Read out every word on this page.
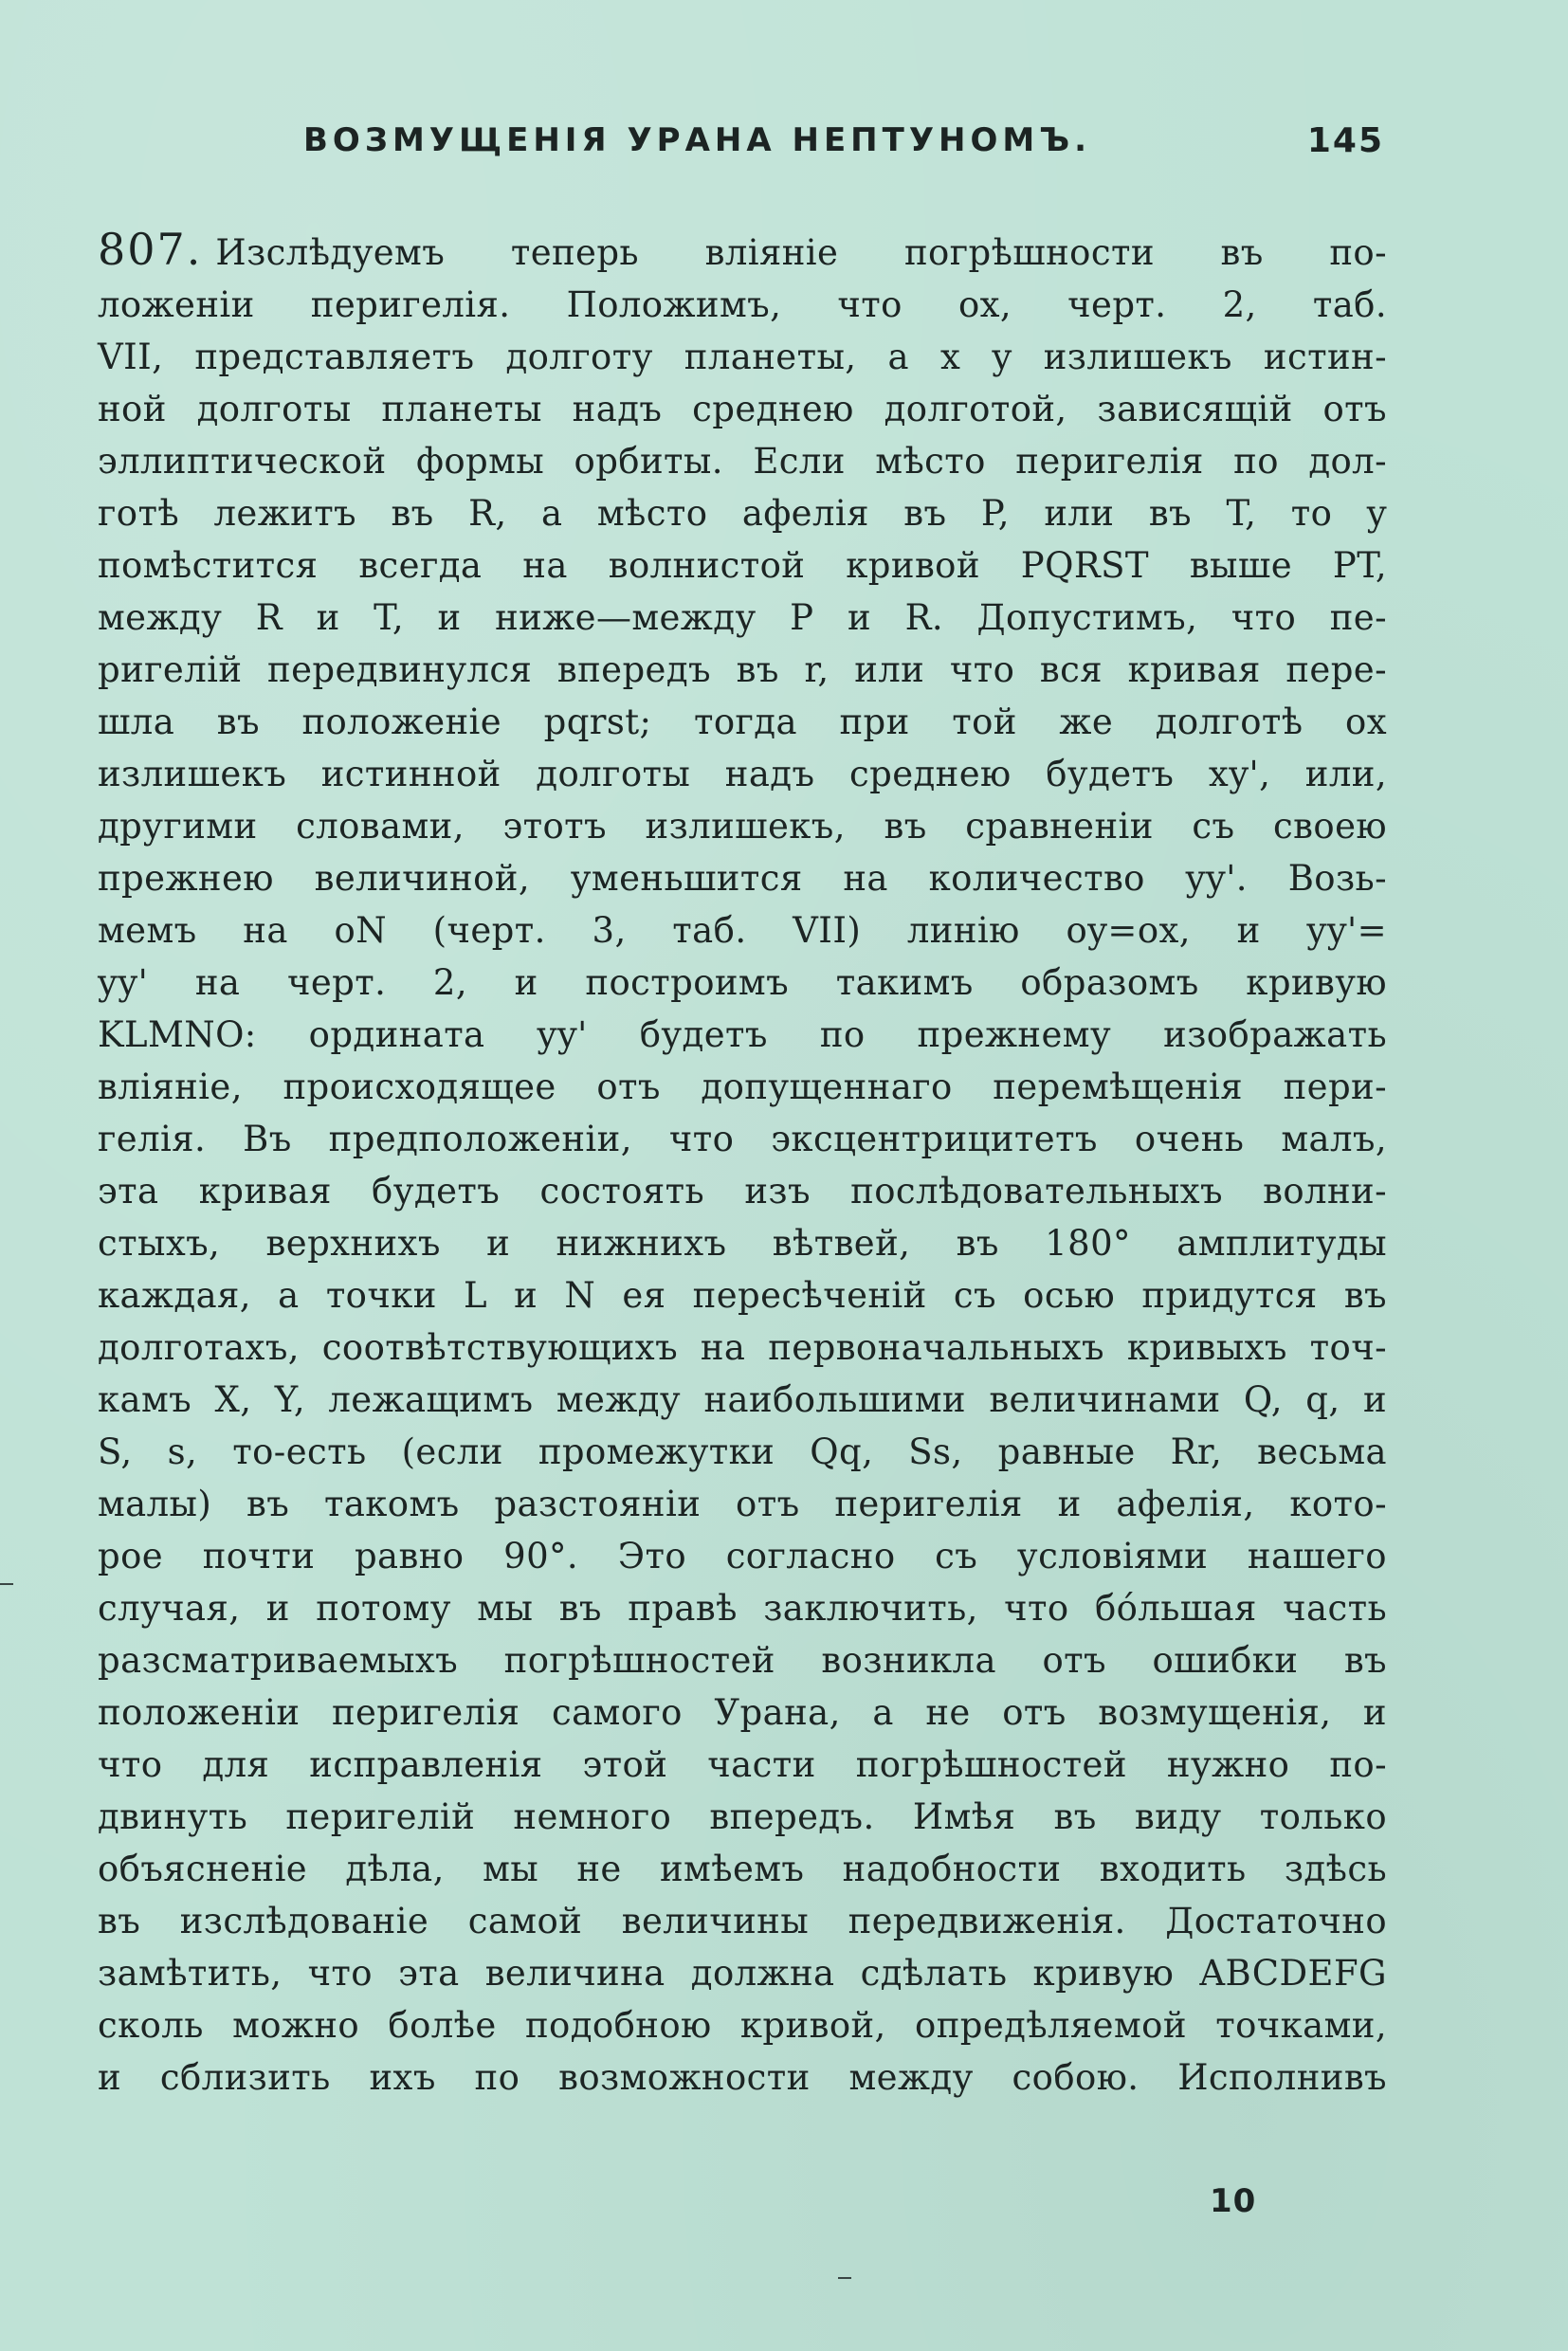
ВОЗМУЩЕНІЯ УРАНА НЕПТУНОМЪ.	145
807. Изслѣдуемъ теперь вліяніе погрѣшности въ по-
ложеніи перигелія. Положимъ, что ox, черт. 2, таб.
VII, представляетъ долготу планеты, а x y излишекъ истин-
ной долготы планеты надъ среднею долготой, зависящій отъ
эллиптической формы орбиты. Если мѣсто перигелія по дол-
готѣ лежитъ въ R, а мѣсто афелія въ P, или въ T, то y
помѣстится всегда на волнистой кривой PQRST выше PT,
между R и T, и ниже—между P и R. Допустимъ, что пе-
ригелій передвинулся впередъ въ r, или что вся кривая пере-
шла въ положеніе pqrst; тогда при той же долготѣ ox
излишекъ истинной долготы надъ среднею будетъ xy', или,
другими словами, этотъ излишекъ, въ сравненіи съ своею
прежнею величиной, уменьшится на количество yy'. Возь-
мемъ на oN (черт. 3, таб. VII) линію oy=ox, и yy'=
yy' на черт. 2, и построимъ такимъ образомъ кривую
KLMNO: ордината yy' будетъ по прежнему изображать
вліяніе, происходящее отъ допущеннаго перемѣщенія пери-
гелія. Въ предположеніи, что эксцентрицитетъ очень малъ,
эта кривая будетъ состоять изъ послѣдовательныхъ волни-
стыхъ, верхнихъ и нижнихъ вѣтвей, въ 180° амплитуды
каждая, а точки L и N ея пересѣченій съ осью придутся въ
долготахъ, соотвѣтствующихъ на первоначальныхъ кривыхъ точ-
камъ X, Y, лежащимъ между наибольшими величинами Q, q, и
S, s, то-есть (если промежутки Qq, Ss, равные Rr, весьма
малы) въ такомъ разстояніи отъ перигелія и афелія, кото-
рое почти равно 90°. Это согласно съ условіями нашего
случая, и потому мы въ правѣ заключить, что бóльшая часть
разсматриваемыхъ погрѣшностей возникла отъ ошибки въ
положеніи перигелія самого Урана, а не отъ возмущенія, и
что для исправленія этой части погрѣшностей нужно по-
двинуть перигелій немного впередъ. Имѣя въ виду только
объясненіе дѣла, мы не имѣемъ надобности входить здѣсь
въ изслѣдованіе самой величины передвиженія. Достаточно
замѣтить, что эта величина должна сдѣлать кривую ABCDEFG
сколь можно болѣе подобною кривой, опредѣляемой точками,
и сблизить ихъ по возможности между собою. Исполнивъ
10
